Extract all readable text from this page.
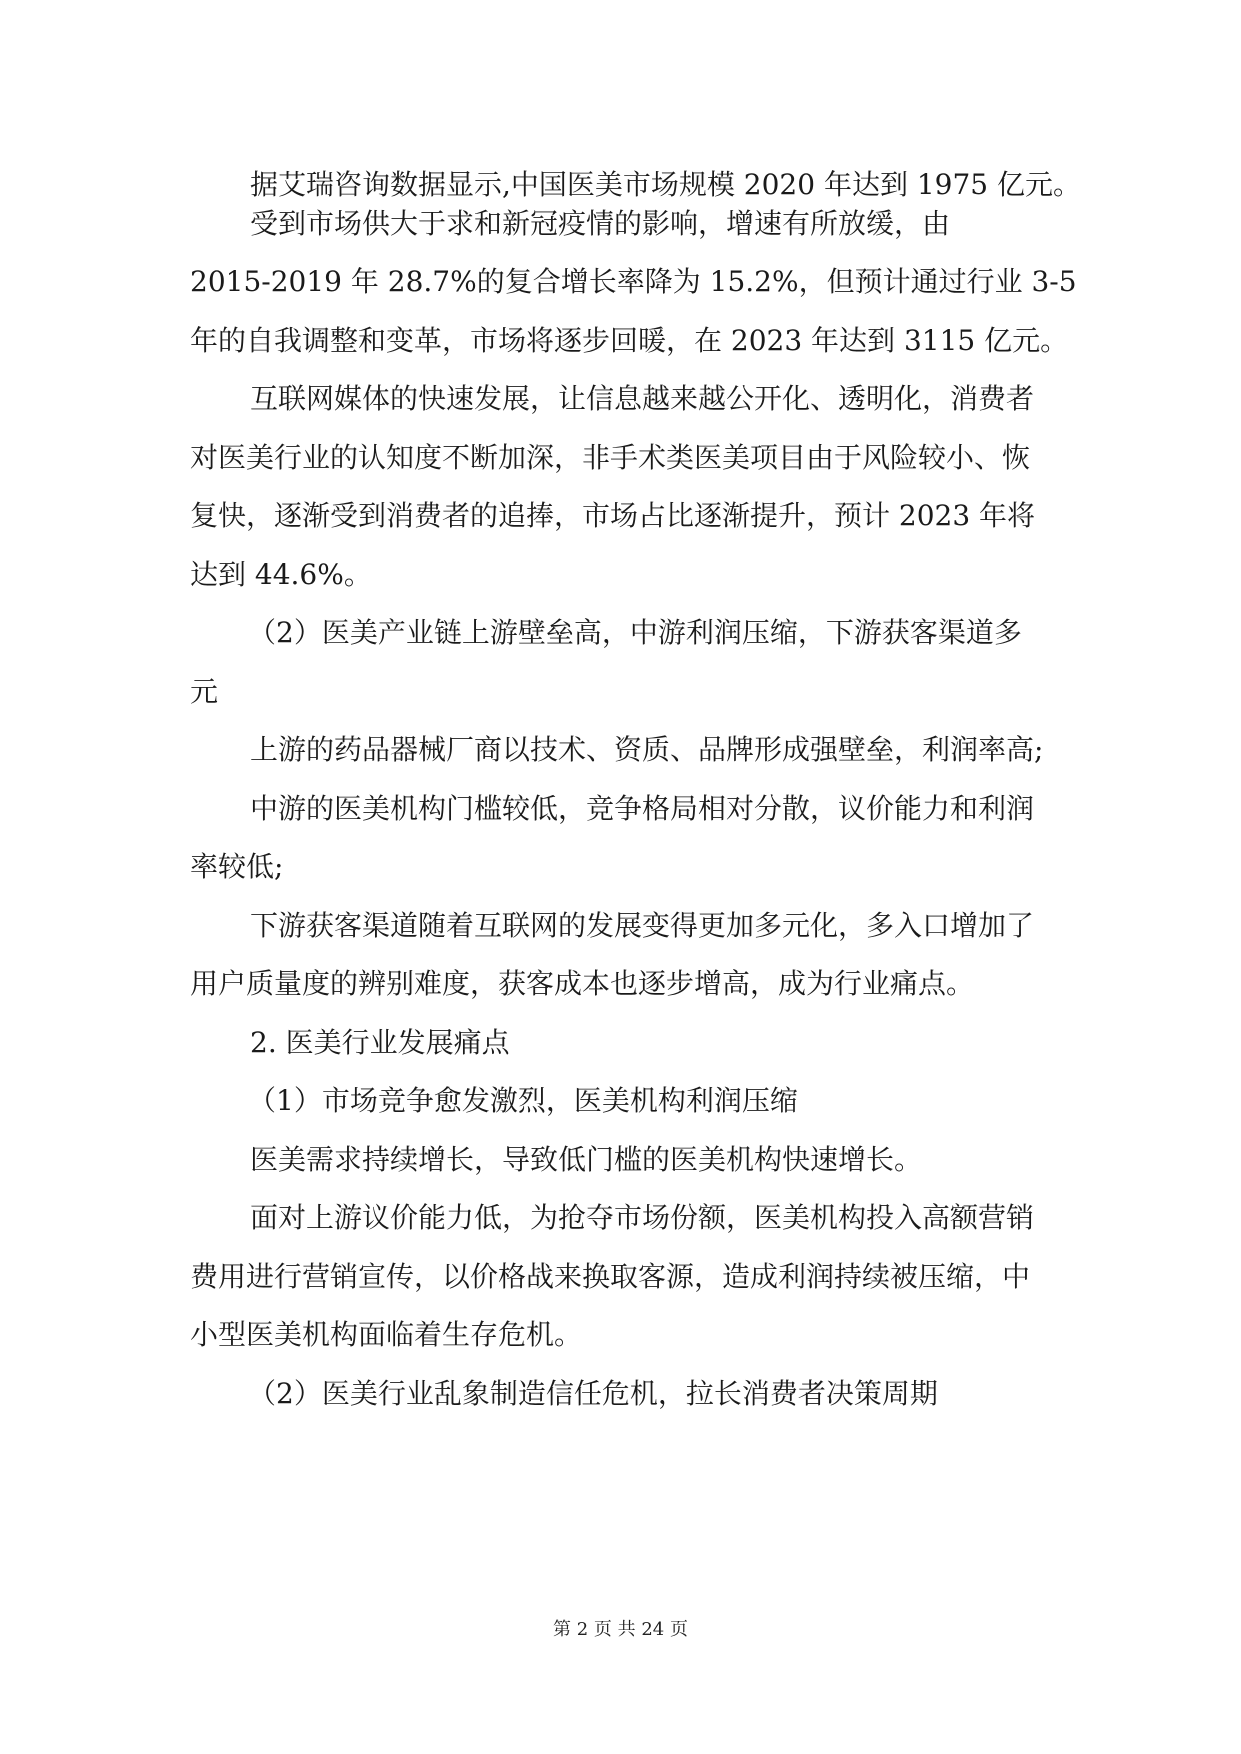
据艾瑞咨询数据显示,中国医美市场规模 2020 年达到 1975 亿元。
受到市场供大于求和新冠疫情的影响，增速有所放缓，由
2015-2019 年 28.7%的复合增长率降为 15.2%，但预计通过行业 3-5
年的自我调整和变革，市场将逐步回暖，在 2023 年达到 3115 亿元。
互联网媒体的快速发展，让信息越来越公开化、透明化，消费者
对医美行业的认知度不断加深，非手术类医美项目由于风险较小、恢
复快，逐渐受到消费者的追捧，市场占比逐渐提升，预计 2023 年将
达到 44.6%。
（2）医美产业链上游壁垒高，中游利润压缩，下游获客渠道多
元
上游的药品器械厂商以技术、资质、品牌形成强壁垒，利润率高;
中游的医美机构门槛较低，竞争格局相对分散，议价能力和利润
率较低;
下游获客渠道随着互联网的发展变得更加多元化，多入口增加了
用户质量度的辨别难度，获客成本也逐步增高，成为行业痛点。
2. 医美行业发展痛点
（1）市场竞争愈发激烈，医美机构利润压缩
医美需求持续增长，导致低门槛的医美机构快速增长。
面对上游议价能力低，为抢夺市场份额，医美机构投入高额营销
费用进行营销宣传，以价格战来换取客源，造成利润持续被压缩，中
小型医美机构面临着生存危机。
（2）医美行业乱象制造信任危机，拉长消费者决策周期
第 2 页 共 24 页
